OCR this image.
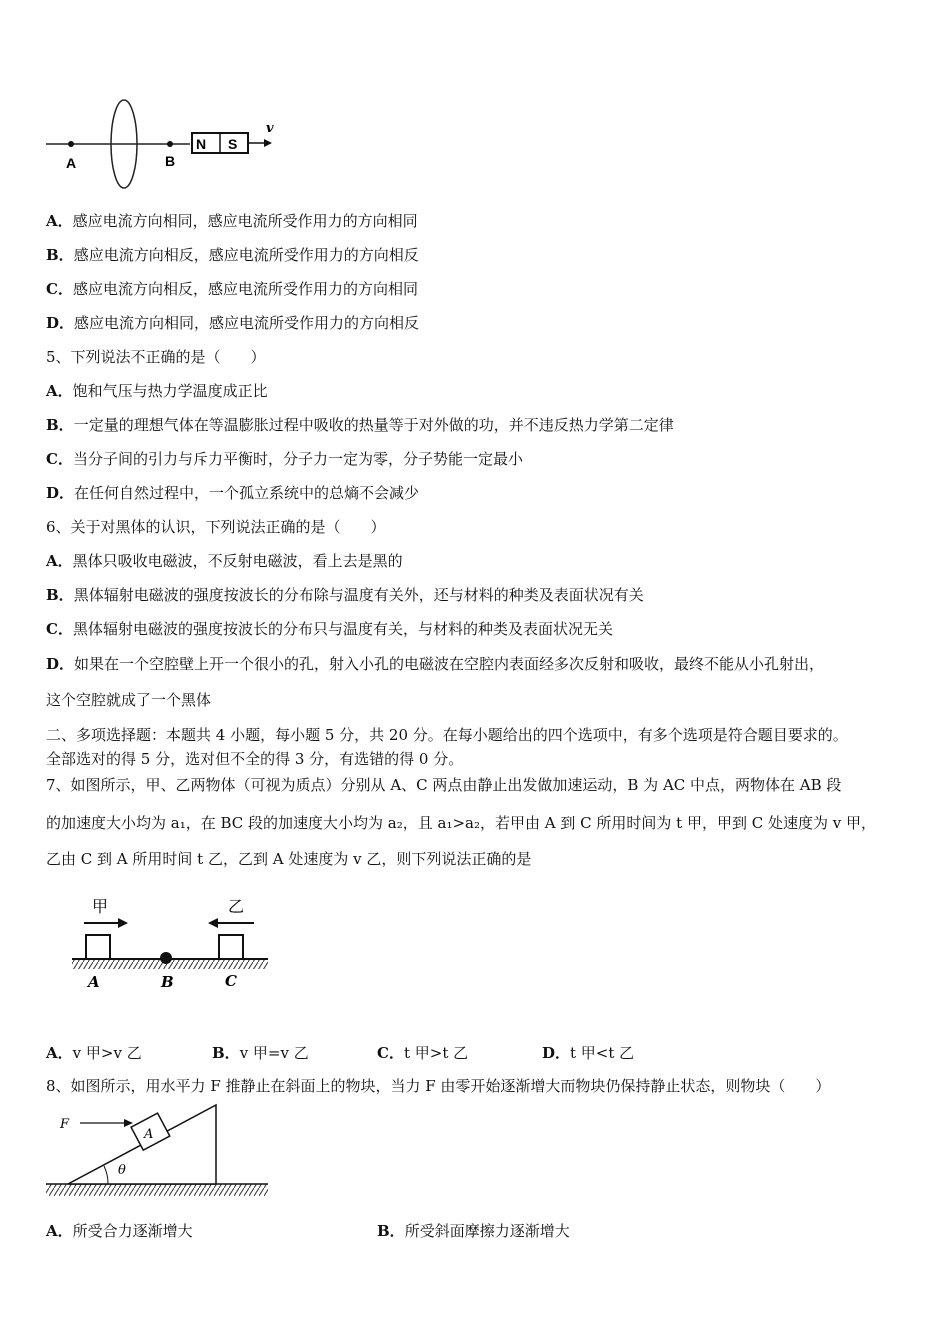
A	B
N S
v
A．感应电流方向相同，感应电流所受作用力的方向相同
B．感应电流方向相反，感应电流所受作用力的方向相反
C．感应电流方向相反，感应电流所受作用力的方向相同
D．感应电流方向相同，感应电流所受作用力的方向相反
5、下列说法不正确的是（　　）
A．饱和气压与热力学温度成正比
B．一定量的理想气体在等温膨胀过程中吸收的热量等于对外做的功，并不违反热力学第二定律
C．当分子间的引力与斥力平衡时，分子力一定为零，分子势能一定最小
D．在任何自然过程中，一个孤立系统中的总熵不会减少
6、关于对黑体的认识，下列说法正确的是（　　）
A．黑体只吸收电磁波，不反射电磁波，看上去是黑的
B．黑体辐射电磁波的强度按波长的分布除与温度有关外，还与材料的种类及表面状况有关
C．黑体辐射电磁波的强度按波长的分布只与温度有关，与材料的种类及表面状况无关
D．如果在一个空腔壁上开一个很小的孔，射入小孔的电磁波在空腔内表面经多次反射和吸收，最终不能从小孔射出，
这个空腔就成了一个黑体
二、多项选择题：本题共 4 小题，每小题 5 分，共 20 分。在每小题给出的四个选项中，有多个选项是符合题目要求的。
全部选对的得 5 分，选对但不全的得 3 分，有选错的得 0 分。
7、如图所示，甲、乙两物体（可视为质点）分别从 A、C 两点由静止出发做加速运动，B 为 AC 中点，两物体在 AB 段
的加速度大小均为 a₁，在 BC 段的加速度大小均为 a₂，且 a₁>a₂，若甲由 A 到 C 所用时间为 t 甲，甲到 C 处速度为 v 甲，
乙由 C 到 A 所用时间 t 乙，乙到 A 处速度为 v 乙，则下列说法正确的是
甲	乙
A	B	C
A．v 甲>v 乙	B．v 甲=v 乙	C．t 甲>t 乙	D．t 甲<t 乙
8、如图所示，用水平力 F 推静止在斜面上的物块，当力 F 由零开始逐渐增大而物块仍保持静止状态，则物块（　　）
θ
A
F
A．所受合力逐渐增大	B．所受斜面摩擦力逐渐增大
